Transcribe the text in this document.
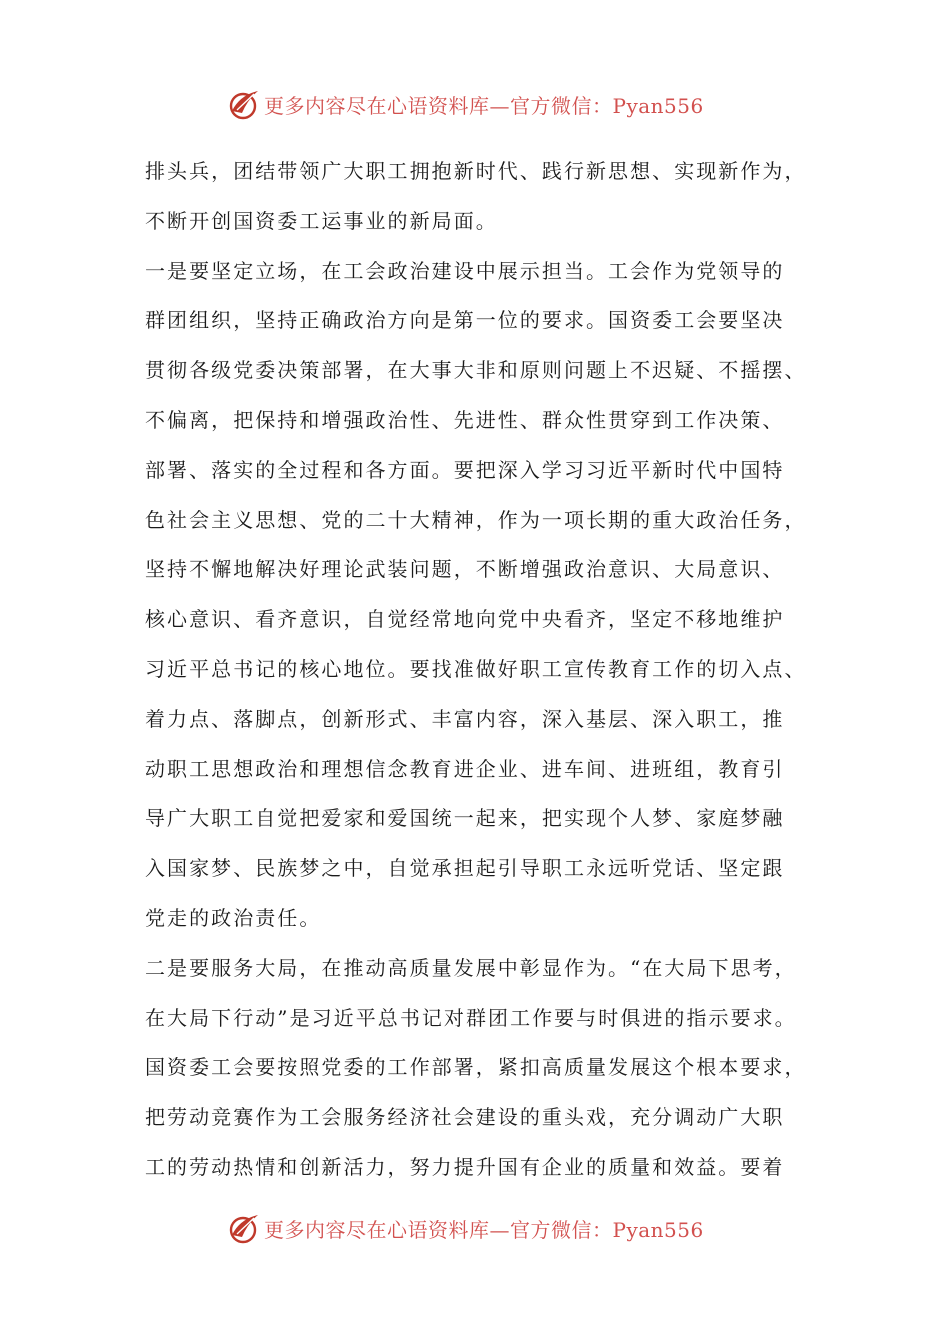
更多内容尽在心语资料库—官方微信：Pyan556
排头兵，团结带领广大职工拥抱新时代、践行新思想、实现新作为，
不断开创国资委工运事业的新局面。
一是要坚定立场，在工会政治建设中展示担当。工会作为党领导的
群团组织，坚持正确政治方向是第一位的要求。国资委工会要坚决
贯彻各级党委决策部署，在大事大非和原则问题上不迟疑、不摇摆、
不偏离，把保持和增强政治性、先进性、群众性贯穿到工作决策、
部署、落实的全过程和各方面。要把深入学习习近平新时代中国特
色社会主义思想、党的二十大精神，作为一项长期的重大政治任务，
坚持不懈地解决好理论武装问题，不断增强政治意识、大局意识、
核心意识、看齐意识，自觉经常地向党中央看齐，坚定不移地维护
习近平总书记的核心地位。要找准做好职工宣传教育工作的切入点、
着力点、落脚点，创新形式、丰富内容，深入基层、深入职工，推
动职工思想政治和理想信念教育进企业、进车间、进班组，教育引
导广大职工自觉把爱家和爱国统一起来，把实现个人梦、家庭梦融
入国家梦、民族梦之中，自觉承担起引导职工永远听党话、坚定跟
党走的政治责任。
二是要服务大局，在推动高质量发展中彰显作为。“在大局下思考，
在大局下行动”是习近平总书记对群团工作要与时俱进的指示要求。
国资委工会要按照党委的工作部署，紧扣高质量发展这个根本要求，
把劳动竞赛作为工会服务经济社会建设的重头戏，充分调动广大职
工的劳动热情和创新活力，努力提升国有企业的质量和效益。要着
更多内容尽在心语资料库—官方微信：Pyan556
